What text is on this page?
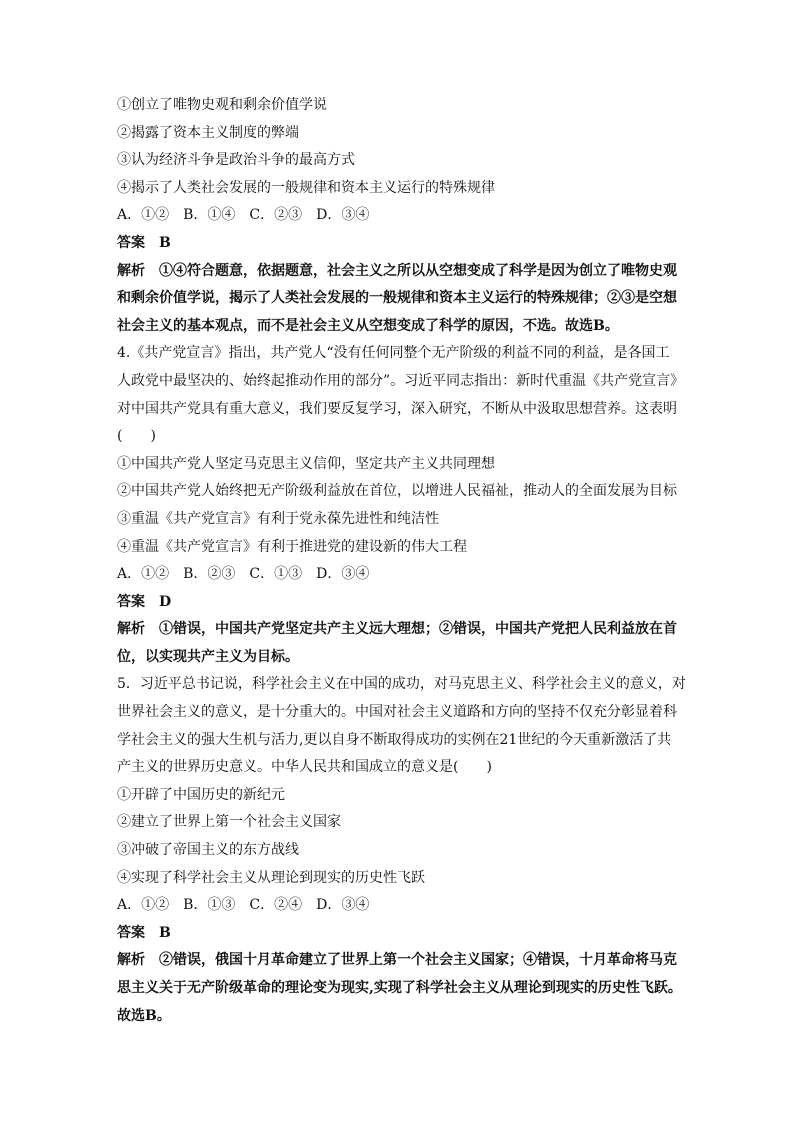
①创立了唯物史观和剩余价值学说
②揭露了资本主义制度的弊端
③认为经济斗争是政治斗争的最高方式
④揭示了人类社会发展的一般规律和资本主义运行的特殊规律
A．①②　B．①④　C．②③　D．③④
答案 B
解析 ①④符合题意，依据题意，社会主义之所以从空想变成了科学是因为创立了唯物史观
和剩余价值学说，揭示了人类社会发展的一般规律和资本主义运行的特殊规律；②③是空想
社会主义的基本观点，而不是社会主义从空想变成了科学的原因，不选。故选B。
4.《共产党宣言》指出，共产党人“没有任何同整个无产阶级的利益不同的利益，是各国工
人政党中最坚决的、始终起推动作用的部分”。习近平同志指出：新时代重温《共产党宣言》
对中国共产党具有重大意义，我们要反复学习，深入研究，不断从中汲取思想营养。这表明
(　　)
①中国共产党人坚定马克思主义信仰，坚定共产主义共同理想
②中国共产党人始终把无产阶级利益放在首位，以增进人民福祉，推动人的全面发展为目标
③重温《共产党宣言》有利于党永葆先进性和纯洁性
④重温《共产党宣言》有利于推进党的建设新的伟大工程
A．①②　B．②③　C．①③　D．③④
答案 D
解析 ①错误，中国共产党坚定共产主义远大理想；②错误，中国共产党把人民利益放在首
位，以实现共产主义为目标。
5．习近平总书记说，科学社会主义在中国的成功，对马克思主义、科学社会主义的意义，对
世界社会主义的意义，是十分重大的。中国对社会主义道路和方向的坚持不仅充分彰显着科
学社会主义的强大生机与活力,更以自身不断取得成功的实例在21世纪的今天重新激活了共
产主义的世界历史意义。中华人民共和国成立的意义是(　　)
①开辟了中国历史的新纪元
②建立了世界上第一个社会主义国家
③冲破了帝国主义的东方战线
④实现了科学社会主义从理论到现实的历史性飞跃
A．①②　B．①③　C．②④　D．③④
答案 B
解析 ②错误，俄国十月革命建立了世界上第一个社会主义国家；④错误，十月革命将马克
思主义关于无产阶级革命的理论变为现实,实现了科学社会主义从理论到现实的历史性飞跃。
故选B。
